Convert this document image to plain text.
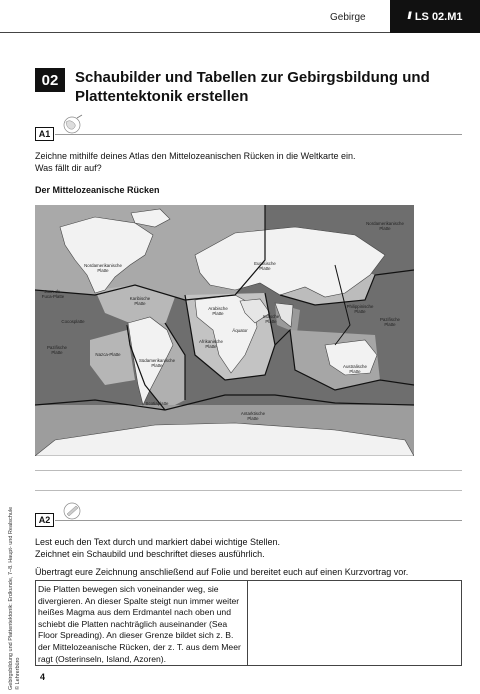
Gebirge	/// LS 02.M1
02	Schaubilder und Tabellen zur Gebirgsbildung und Plattentektonik erstellen
A1
Zeichne mithilfe deines Atlas den Mittelozeanischen Rücken in die Weltkarte ein.
Was fällt dir auf?
Der Mittelozeanische Rücken
Nordamerikanische Platte
Nordamerikanische Platte
Juan-de-Fuca-Platte
Eurasische Platte
Karibische Platte
Cocosplatte
Arabische Platte
Philippinische Platte
Pazifische Platte
Pazifische Platte
Indische Platte
Äquator
Afrikanische Platte
Nazca-Platte
Südamerikanische Platte	Australische Platte
Scotiaplatte
Antarktische Platte
A2
Lest euch den Text durch und markiert dabei wichtige Stellen.
Zeichnet ein Schaubild und beschriftet dieses ausführlich.
Übertragt eure Zeichnung anschließend auf Folie und bereitet euch auf einen Kurzvortrag vor.
Die Platten bewegen sich voneinander weg, sie divergieren. An dieser Spalte steigt nun immer weiter heißes Magma aus dem Erdmantel nach oben und schiebt die Platten nachträglich auseinander (Sea Floor Spreading). An dieser Grenze bildet sich z. B. der Mittelozeanische Rücken, der z. T. aus dem Meer ragt (Osterinseln, Island, Azoren).
4
Gebirgsbildung und Plattentektonik: Erdkunde, 7–8. Haupt- und Realschule © Lehrerbüro
